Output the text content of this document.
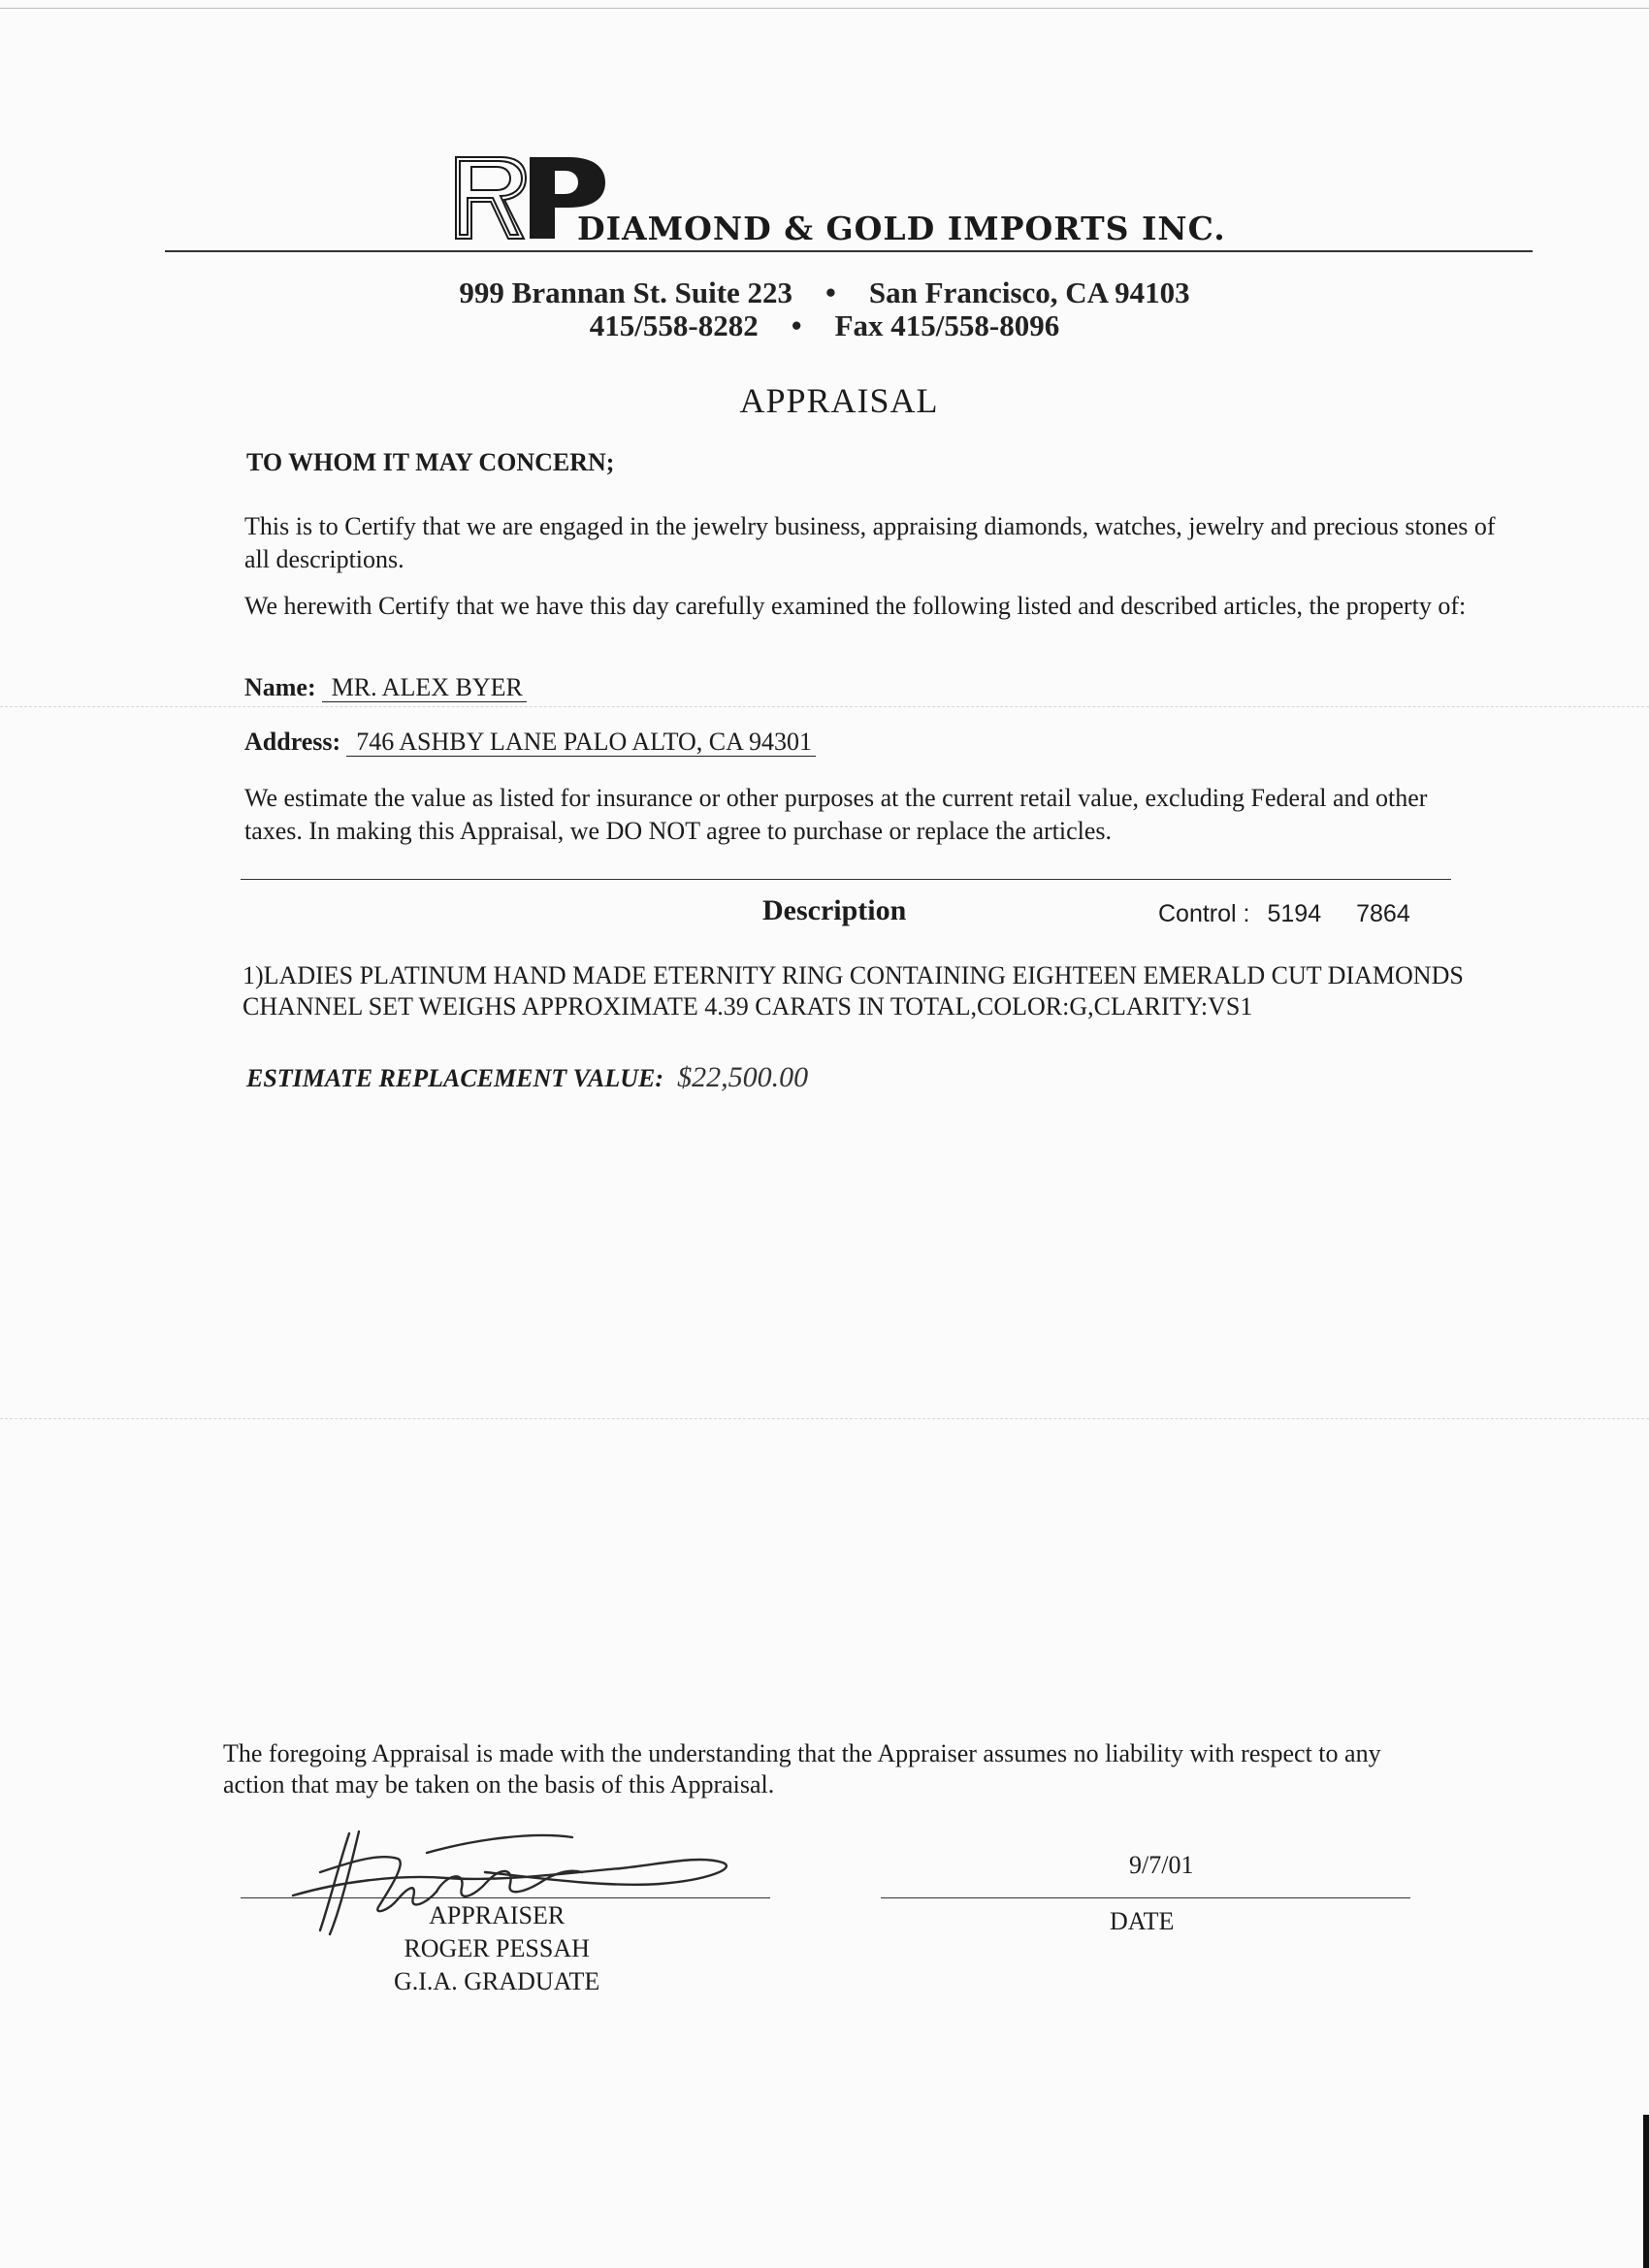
DIAMOND & GOLD IMPORTS INC.
999 Brannan St. Suite 223 • San Francisco, CA 94103
415/558-8282 • Fax 415/558-8096
APPRAISAL
TO WHOM IT MAY CONCERN;
This is to Certify that we are engaged in the jewelry business, appraising diamonds, watches, jewelry and precious stones of all descriptions.
We herewith Certify that we have this day carefully examined the following listed and described articles, the property of:
Name: MR. ALEX BYER
Address: 746 ASHBY LANE PALO ALTO, CA 94301
We estimate the value as listed for insurance or other purposes at the current retail value, excluding Federal and other taxes. In making this Appraisal, we DO NOT agree to purchase or replace the articles.
Description	Control : 5194 7864
1)LADIES PLATINUM HAND MADE ETERNITY RING CONTAINING EIGHTEEN EMERALD CUT DIAMONDS CHANNEL SET WEIGHS APPROXIMATE 4.39 CARATS IN TOTAL,COLOR:G,CLARITY:VS1
ESTIMATE REPLACEMENT VALUE: $22,500.00
The foregoing Appraisal is made with the understanding that the Appraiser assumes no liability with respect to any action that may be taken on the basis of this Appraisal.
9/7/01
DATE
APPRAISER
ROGER PESSAH
G.I.A. GRADUATE
